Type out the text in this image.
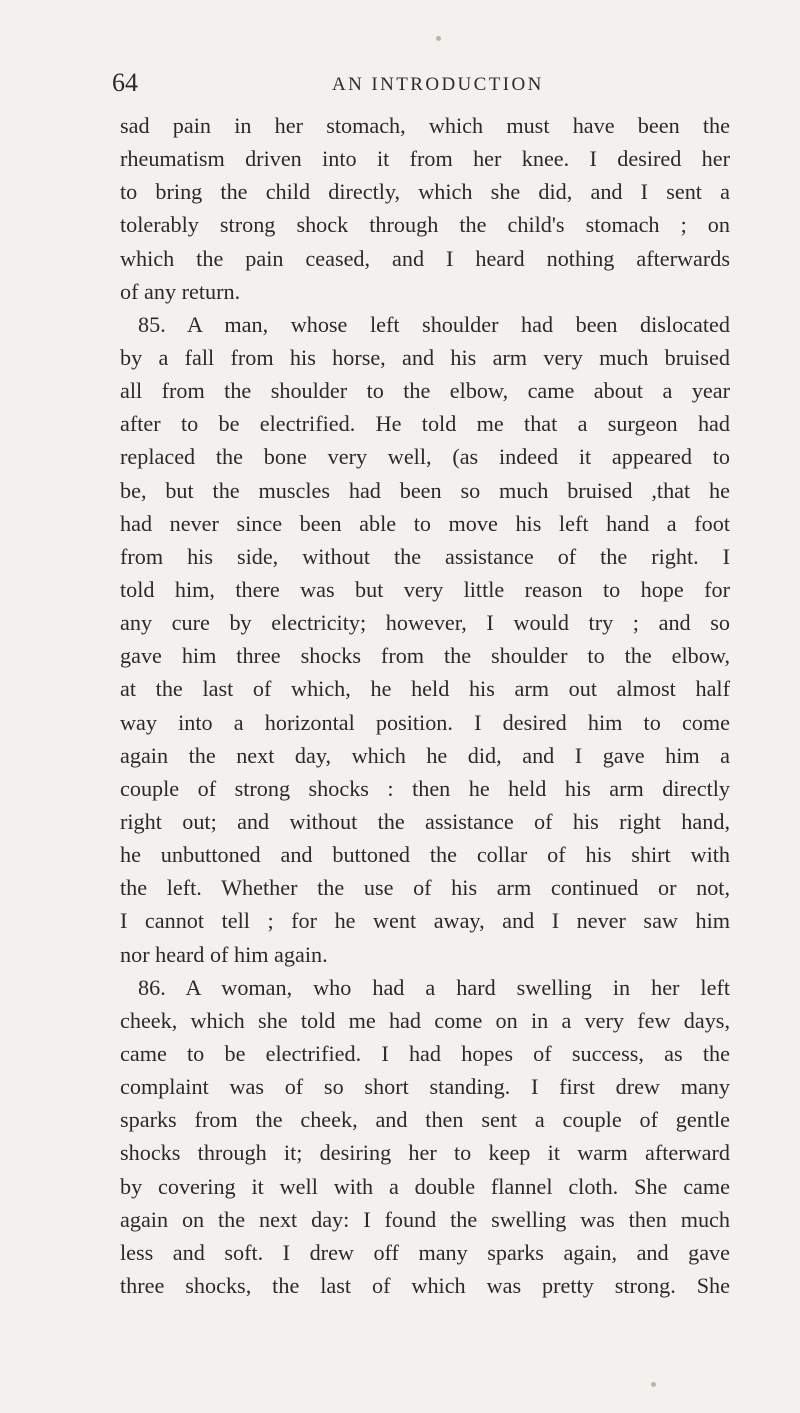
64	AN INTRODUCTION
sad pain in her stomach, which must have been the
rheumatism driven into it from her knee. I desired her
to bring the child directly, which she did, and I sent a
tolerably strong shock through the child's stomach ; on
which the pain ceased, and I heard nothing afterwards
of any return.
85. A man, whose left shoulder had been dislocated
by a fall from his horse, and his arm very much bruised
all from the shoulder to the elbow, came about a year
after to be electrified. He told me that a surgeon had
replaced the bone very well, (as indeed it appeared to
be, but the muscles had been so much bruised ,that he
had never since been able to move his left hand a foot
from his side, without the assistance of the right. I
told him, there was but very little reason to hope for
any cure by electricity; however, I would try ; and so
gave him three shocks from the shoulder to the elbow,
at the last of which, he held his arm out almost half
way into a horizontal position. I desired him to come
again the next day, which he did, and I gave him a
couple of strong shocks : then he held his arm directly
right out; and without the assistance of his right hand,
he unbuttoned and buttoned the collar of his shirt with
the left. Whether the use of his arm continued or not,
I cannot tell ; for he went away, and I never saw him
nor heard of him again.
86. A woman, who had a hard swelling in her left
cheek, which she told me had come on in a very few days,
came to be electrified. I had hopes of success, as the
complaint was of so short standing. I first drew many
sparks from the cheek, and then sent a couple of gentle
shocks through it; desiring her to keep it warm afterward
by covering it well with a double flannel cloth. She came
again on the next day: I found the swelling was then much
less and soft. I drew off many sparks again, and gave
three shocks, the last of which was pretty strong. She
